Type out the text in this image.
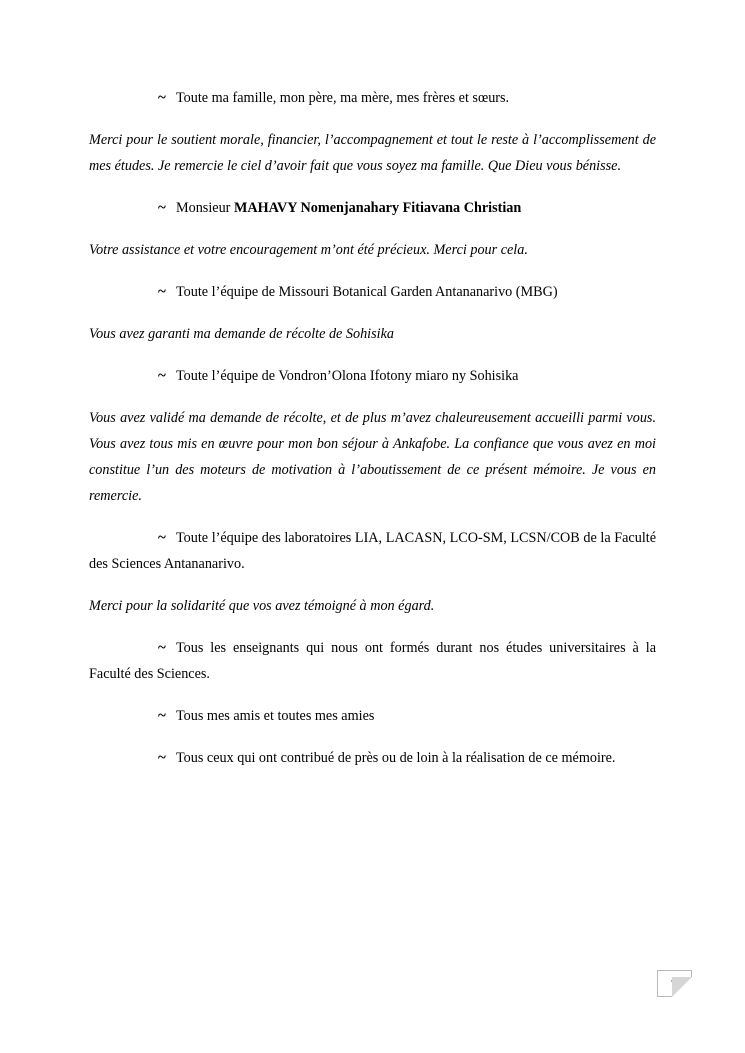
~ Toute ma famille, mon père, ma mère, mes frères et sœurs.

Merci pour le soutient morale, financier, l’accompagnement et tout le reste à l’accomplissement de mes études. Je remercie le ciel d’avoir fait que vous soyez ma famille. Que Dieu vous bénisse.

~ Monsieur MAHAVY Nomenjanahary Fitiavana Christian

Votre assistance et votre encouragement m’ont été précieux. Merci pour cela.

~ Toute l’équipe de Missouri Botanical Garden Antananarivo (MBG)

Vous avez garanti ma demande de récolte de Sohisika

~ Toute l’équipe de Vondron’Olona Ifotony miaro ny Sohisika

Vous avez validé ma demande de récolte, et de plus m’avez chaleureusement accueilli parmi vous. Vous avez tous mis en œuvre pour mon bon séjour à Ankafobe. La confiance que vous avez en moi constitue l’un des moteurs de motivation à l’aboutissement de ce présent mémoire. Je vous en remercie.

~ Toute l’équipe des laboratoires LIA, LACASN, LCO-SM, LCSN/COB de la Faculté des Sciences Antananarivo.

Merci pour la solidarité que vos avez témoigné à mon égard.

~ Tous les enseignants qui nous ont formés durant nos études universitaires à la Faculté des Sciences.

~ Tous mes amis et toutes mes amies

~ Tous ceux qui ont contribué de près ou de loin à la réalisation de ce mémoire.

vi
